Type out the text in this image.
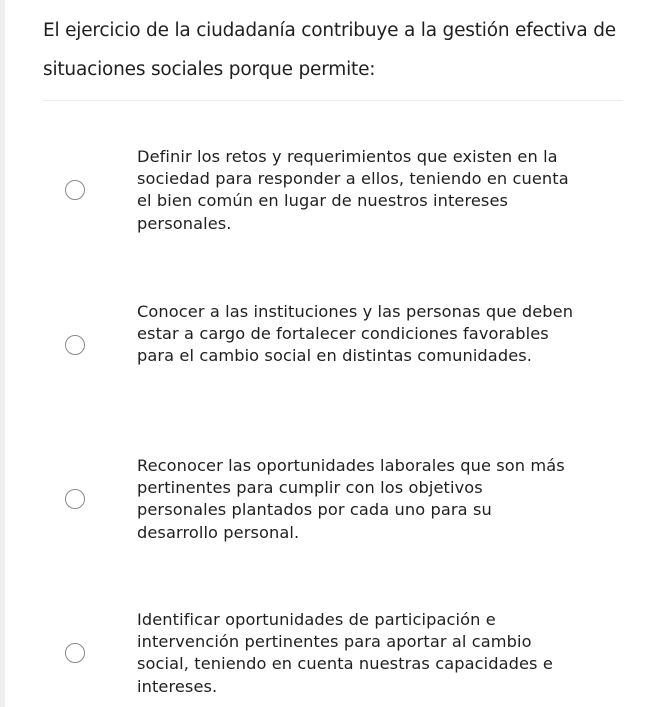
El ejercicio de la ciudadanía contribuye a la gestión efectiva de situaciones sociales porque permite:

Definir los retos y requerimientos que existen en la sociedad para responder a ellos, teniendo en cuenta el bien común en lugar de nuestros intereses personales.
Conocer a las instituciones y las personas que deben estar a cargo de fortalecer condiciones favorables para el cambio social en distintas comunidades.
Reconocer las oportunidades laborales que son más pertinentes para cumplir con los objetivos personales plantados por cada uno para su desarrollo personal.
Identificar oportunidades de participación e intervención pertinentes para aportar al cambio social, teniendo en cuenta nuestras capacidades e intereses.
